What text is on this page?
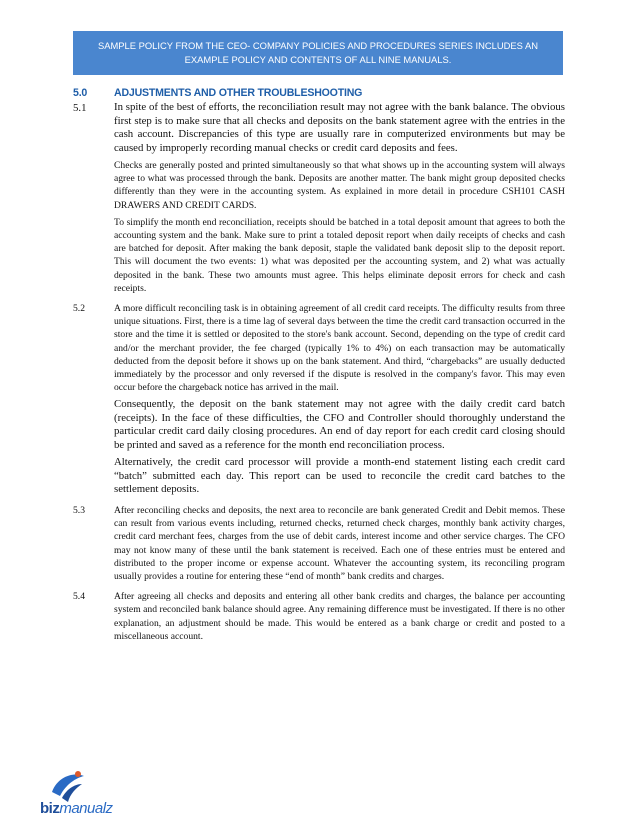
SAMPLE POLICY FROM THE CEO- COMPANY POLICIES AND PROCEDURES SERIES INCLUDES AN
EXAMPLE POLICY AND CONTENTS OF ALL NINE MANUALS.
5.0	ADJUSTMENTS AND OTHER TROUBLESHOOTING
5.1	In spite of the best of efforts, the reconciliation result may not agree with the bank balance. The obvious first step is to make sure that all checks and deposits on the bank statement agree with the entries in the cash account. Discrepancies of this type are usually rare in computerized environments but may be caused by improperly recording manual checks or credit card deposits and fees.

Checks are generally posted and printed simultaneously so that what shows up in the accounting system will always agree to what was processed through the bank. Deposits are another matter. The bank might group deposited checks differently than they were in the accounting system. As explained in more detail in procedure CSH101 CASH DRAWERS AND CREDIT CARDS.

To simplify the month end reconciliation, receipts should be batched in a total deposit amount that agrees to both the accounting system and the bank. Make sure to print a totaled deposit report when daily receipts of checks and cash are batched for deposit. After making the bank deposit, staple the validated bank deposit slip to the deposit report. This will document the two events: 1) what was deposited per the accounting system, and 2) what was actually deposited in the bank. These two amounts must agree. This helps eliminate deposit errors for check and cash receipts.

5.2	A more difficult reconciling task is in obtaining agreement of all credit card receipts. The difficulty results from three unique situations. First, there is a time lag of several days between the time the credit card transaction occurred in the store and the time it is settled or deposited to the store's bank account. Second, depending on the type of credit card and/or the merchant provider, the fee charged (typically 1% to 4%) on each transaction may be automatically deducted from the deposit before it shows up on the bank statement. And third, “chargebacks” are usually deducted immediately by the processor and only reversed if the dispute is resolved in the company's favor. This may even occur before the chargeback notice has arrived in the mail.

Consequently, the deposit on the bank statement may not agree with the daily credit card batch (receipts). In the face of these difficulties, the CFO and Controller should thoroughly understand the particular credit card daily closing procedures. An end of day report for each credit card closing should be printed and saved as a reference for the month end reconciliation process.

Alternatively, the credit card processor will provide a month-end statement listing each credit card “batch” submitted each day. This report can be used to reconcile the credit card batches to the settlement deposits.

5.3	After reconciling checks and deposits, the next area to reconcile are bank generated Credit and Debit memos. These can result from various events including, returned checks, returned check charges, monthly bank activity charges, credit card merchant fees, charges from the use of debit cards, interest income and other service charges. The CFO may not know many of these until the bank statement is received. Each one of these entries must be entered and distributed to the proper income or expense account. Whatever the accounting system, its reconciling program usually provides a routine for entering these “end of month” bank credits and charges.

5.4	After agreeing all checks and deposits and entering all other bank credits and charges, the balance per accounting system and reconciled bank balance should agree. Any remaining difference must be investigated. If there is no other explanation, an adjustment should be made. This would be entered as a bank charge or credit and posted to a miscellaneous account.

bizmanualz
